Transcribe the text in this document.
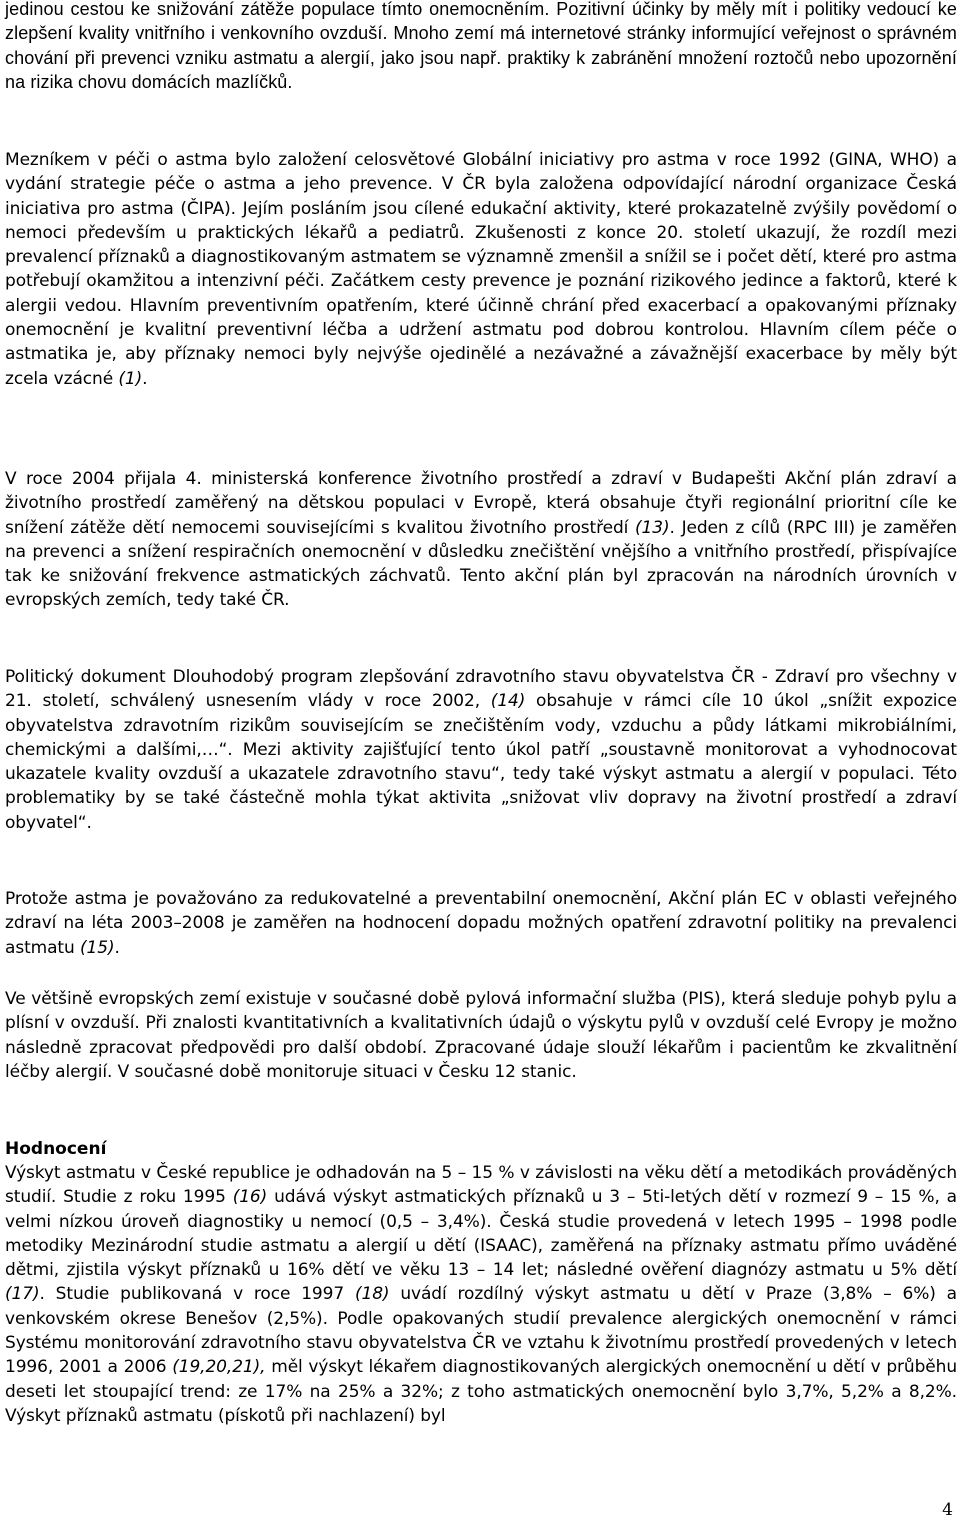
jedinou cestou ke snižování zátěže populace tímto onemocněním. Pozitivní účinky by měly mít i politiky vedoucí ke zlepšení kvality vnitřního i venkovního ovzduší. Mnoho zemí má internetové stránky informující veřejnost o správném chování při prevenci vzniku astmatu a alergií, jako jsou např. praktiky k zabránění množení roztočů nebo upozornění na rizika chovu domácích mazlíčků.

Mezníkem v péči o astma bylo založení celosvětové Globální iniciativy pro astma v roce 1992 (GINA, WHO) a vydání strategie péče o astma a jeho prevence. V ČR byla založena odpovídající národní organizace Česká iniciativa pro astma (ČIPA). Jejím posláním jsou cílené edukační aktivity, které prokazatelně zvýšily povědomí o nemoci především u praktických lékařů a pediatrů. Zkušenosti z konce 20. století ukazují, že rozdíl mezi prevalencí příznaků a diagnostikovaným astmatem se významně zmenšil a snížil se i počet dětí, které pro astma potřebují okamžitou a intenzivní péči. Začátkem cesty prevence je poznání rizikového jedince a faktorů, které k alergii vedou. Hlavním preventivním opatřením, které účinně chrání před exacerbací a opakovanými příznaky onemocnění je kvalitní preventivní léčba a udržení astmatu pod dobrou kontrolou. Hlavním cílem péče o astmatika je, aby příznaky nemoci byly nejvýše ojedinělé a nezávažné a závažnější exacerbace by měly být zcela vzácné (1).

V roce 2004 přijala 4. ministerská konference životního prostředí a zdraví v Budapešti Akční plán zdraví a životního prostředí zaměřený na dětskou populaci v Evropě, která obsahuje čtyři regionální prioritní cíle ke snížení zátěže dětí nemocemi souvisejícími s kvalitou životního prostředí (13). Jeden z cílů (RPC III) je zaměřen na prevenci a snížení respiračních onemocnění v důsledku znečištění vnějšího a vnitřního prostředí, přispívajíce tak ke snižování frekvence astmatických záchvatů. Tento akční plán byl zpracován na národních úrovních v evropských zemích, tedy také ČR.

Politický dokument Dlouhodobý program zlepšování zdravotního stavu obyvatelstva ČR - Zdraví pro všechny v 21. století, schválený usnesením vlády v roce 2002, (14) obsahuje v rámci cíle 10 úkol „snížit expozice obyvatelstva zdravotním rizikům souvisejícím se znečištěním vody, vzduchu a půdy látkami mikrobiálními, chemickými a dalšími,…“. Mezi aktivity zajišťující tento úkol patří „soustavně monitorovat a vyhodnocovat ukazatele kvality ovzduší a ukazatele zdravotního stavu“, tedy také výskyt astmatu a alergií v populaci. Této problematiky by se také částečně mohla týkat aktivita „snižovat vliv dopravy na životní prostředí a zdraví obyvatel“.

Protože astma je považováno za redukovatelné a preventabilní onemocnění, Akční plán EC v oblasti veřejného zdraví na léta 2003–2008 je zaměřen na hodnocení dopadu možných opatření zdravotní politiky na prevalenci astmatu (15).

Ve většině evropských zemí existuje v současné době pylová informační služba (PIS), která sleduje pohyb pylu a plísní v ovzduší. Při znalosti kvantitativních a kvalitativních údajů o výskytu pylů v ovzduší celé Evropy je možno následně zpracovat předpovědi pro další období. Zpracované údaje slouží lékařům i pacientům ke zkvalitnění léčby alergií. V současné době monitoruje situaci v Česku 12 stanic.

Hodnocení

Výskyt astmatu v České republice je odhadován na 5 – 15 % v závislosti na věku dětí a metodikách prováděných studií. Studie z roku 1995 (16) udává výskyt astmatických příznaků u 3 – 5ti-letých dětí v rozmezí 9 – 15 %, a velmi nízkou úroveň diagnostiky u nemocí (0,5 – 3,4%). Česká studie provedená v letech 1995 – 1998 podle metodiky Mezinárodní studie astmatu a alergií u dětí (ISAAC), zaměřená na příznaky astmatu přímo uváděné dětmi, zjistila výskyt příznaků u 16% dětí ve věku 13 – 14 let; následné ověření diagnózy astmatu u 5% dětí (17). Studie publikovaná v roce 1997 (18) uvádí rozdílný výskyt astmatu u dětí v Praze (3,8% – 6%) a venkovském okrese Benešov (2,5%). Podle opakovaných studií prevalence alergických onemocnění v rámci Systému monitorování zdravotního stavu obyvatelstva ČR ve vztahu k životnímu prostředí provedených v letech 1996, 2001 a 2006 (19,20,21), měl výskyt lékařem diagnostikovaných alergických onemocnění u dětí v průběhu deseti let stoupající trend: ze 17% na 25% a 32%; z toho astmatických onemocnění bylo 3,7%, 5,2% a 8,2%. Výskyt příznaků astmatu (pískotů při nachlazení) byl

4
